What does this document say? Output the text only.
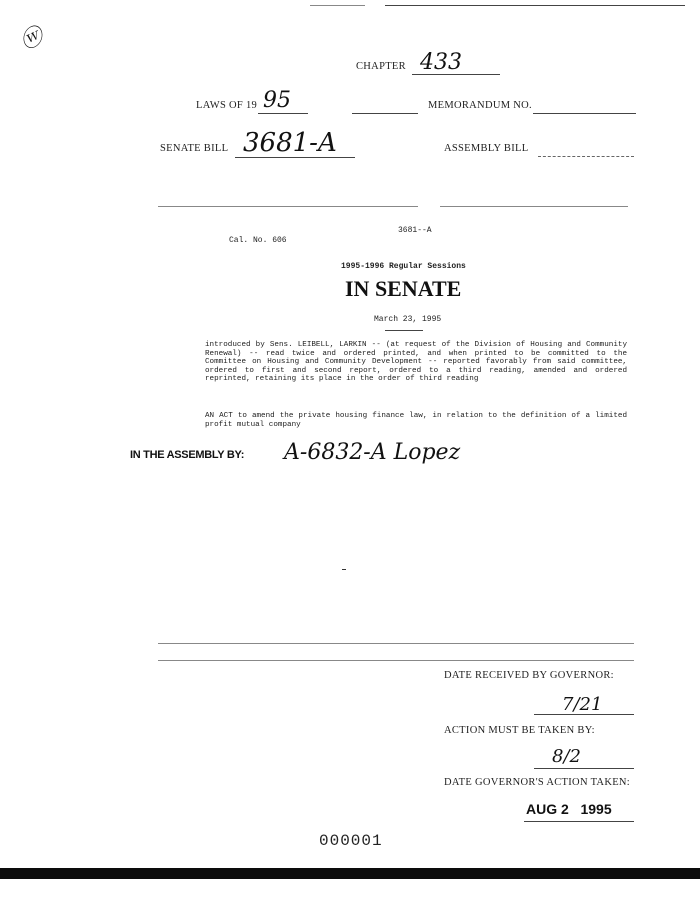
ⓦ
CHAPTER 433
LAWS OF 19 95	MEMORANDUM NO.
SENATE BILL 3681-A	ASSEMBLY BILL
3681--A
Cal. No. 606
1995-1996 Regular Sessions
IN SENATE
March 23, 1995
introduced by Sens. LEIBELL, LARKIN -- (at request of the Division of Housing and Community Renewal) -- read twice and ordered printed, and when printed to be committed to the Committee on Housing and Community Development -- reported favorably from said committee, ordered to first and second report, ordered to a third reading, amended and ordered reprinted, retaining its place in the order of third reading
AN ACT to amend the private housing finance law, in relation to the definition of a limited profit mutual company
IN THE ASSEMBLY BY: A-6832-A Lopez
DATE RECEIVED BY GOVERNOR:
7/21
ACTION MUST BE TAKEN BY:
8/2
DATE GOVERNOR'S ACTION TAKEN:
AUG 2   1995
000001
